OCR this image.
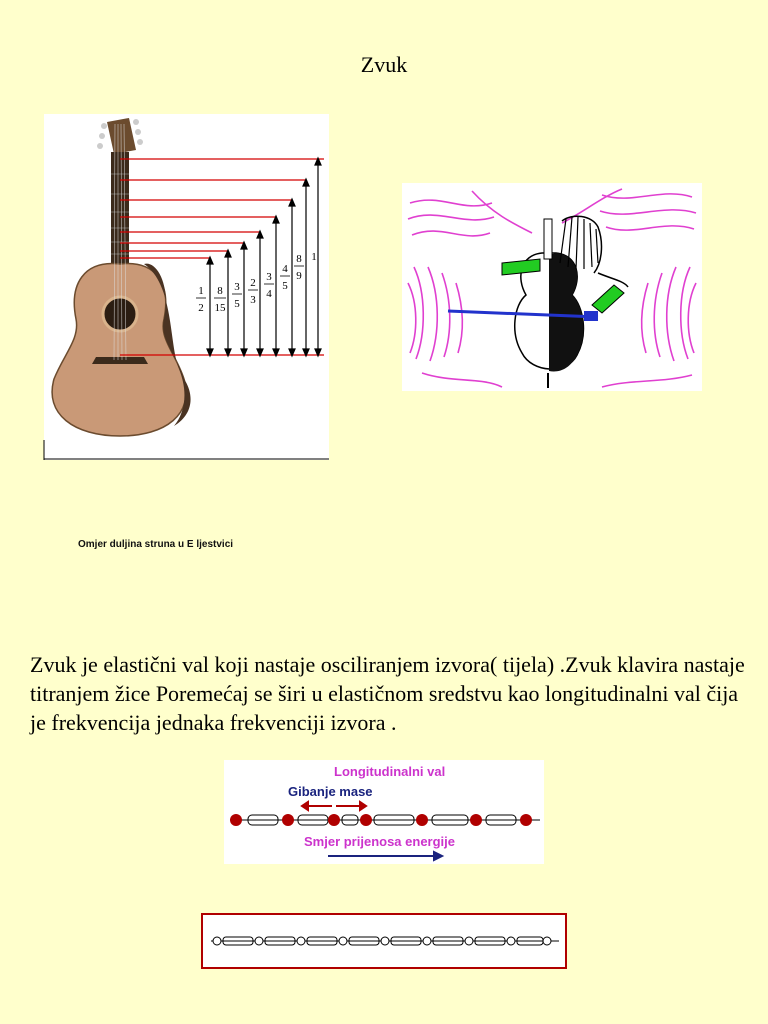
Zvuk
1
2
8
15
3
5
2
3
3
4
4
5
8
9
1
Omjer duljina struna u E ljestvici
Zvuk je elastični val koji nastaje osciliranjem izvora( tijela) .Zvuk klavira nastaje titranjem žice Poremećaj se širi u elastičnom sredstvu kao longitudinalni val čija je frekvencija jednaka frekvenciji izvora .
Longitudinalni val
Gibanje mase
Smjer prijenosa energije
